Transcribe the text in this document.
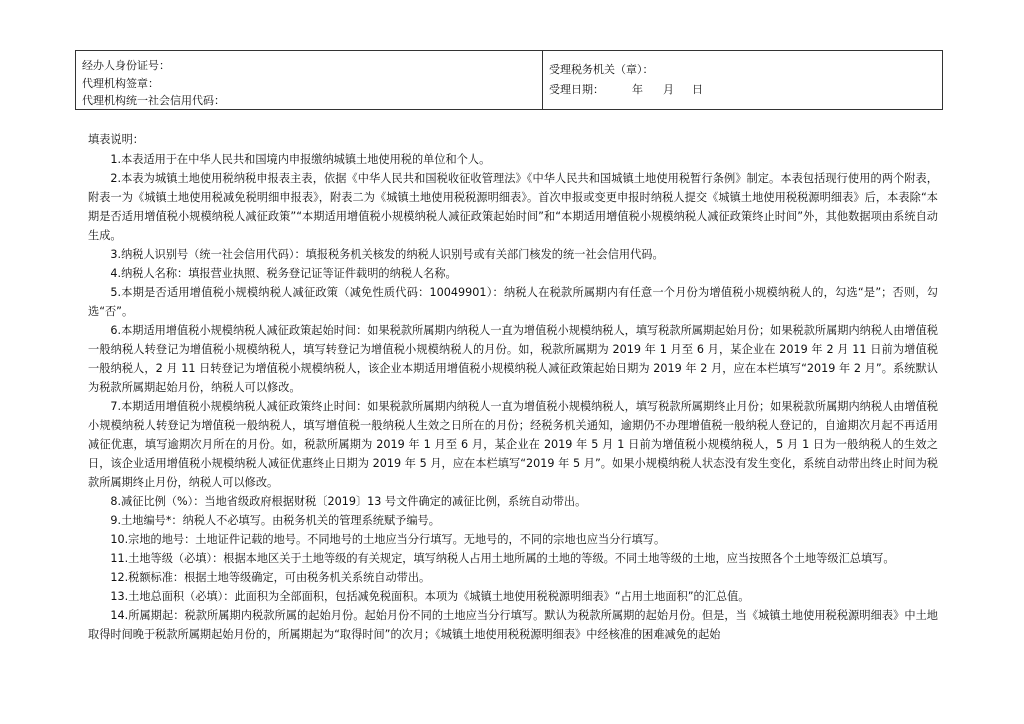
经办人身份证号：
代理机构签章：
代理机构统一社会信用代码：
受理税务机关（章）：
受理日期：	年 月 日

填表说明：

1.本表适用于在中华人民共和国境内申报缴纳城镇土地使用税的单位和个人。

2.本表为城镇土地使用税纳税申报表主表，依据《中华人民共和国税收征收管理法》《中华人民共和国城镇土地使用税暂行条例》制定。本表包括现行使用的两个附表，附表一为《城镇土地使用税减免税明细申报表》，附表二为《城镇土地使用税税源明细表》。首次申报或变更申报时纳税人提交《城镇土地使用税税源明细表》后，本表除“本期是否适用增值税小规模纳税人减征政策”“本期适用增值税小规模纳税人减征政策起始时间”和“本期适用增值税小规模纳税人减征政策终止时间”外，其他数据项由系统自动生成。

3.纳税人识别号（统一社会信用代码）：填报税务机关核发的纳税人识别号或有关部门核发的统一社会信用代码。

4.纳税人名称：填报营业执照、税务登记证等证件载明的纳税人名称。

5.本期是否适用增值税小规模纳税人减征政策（减免性质代码：10049901）：纳税人在税款所属期内有任意一个月份为增值税小规模纳税人的，勾选“是”；否则，勾选“否”。

6.本期适用增值税小规模纳税人减征政策起始时间：如果税款所属期内纳税人一直为增值税小规模纳税人，填写税款所属期起始月份；如果税款所属期内纳税人由增值税一般纳税人转登记为增值税小规模纳税人，填写转登记为增值税小规模纳税人的月份。如，税款所属期为 2019 年 1 月至 6 月，某企业在 2019 年 2 月 11 日前为增值税一般纳税人，2 月 11 日转登记为增值税小规模纳税人，该企业本期适用增值税小规模纳税人减征政策起始日期为 2019 年 2 月，应在本栏填写“2019 年 2 月”。系统默认为税款所属期起始月份，纳税人可以修改。

7.本期适用增值税小规模纳税人减征政策终止时间：如果税款所属期内纳税人一直为增值税小规模纳税人，填写税款所属期终止月份；如果税款所属期内纳税人由增值税小规模纳税人转登记为增值税一般纳税人，填写增值税一般纳税人生效之日所在的月份；经税务机关通知，逾期仍不办理增值税一般纳税人登记的，自逾期次月起不再适用减征优惠，填写逾期次月所在的月份。如，税款所属期为 2019 年 1 月至 6 月，某企业在 2019 年 5 月 1 日前为增值税小规模纳税人，5 月 1 日为一般纳税人的生效之日，该企业适用增值税小规模纳税人减征优惠终止日期为 2019 年 5 月，应在本栏填写“2019 年 5 月”。如果小规模纳税人状态没有发生变化，系统自动带出终止时间为税款所属期终止月份，纳税人可以修改。

8.减征比例（%）：当地省级政府根据财税〔2019〕13 号文件确定的减征比例，系统自动带出。

9.土地编号*：纳税人不必填写。由税务机关的管理系统赋予编号。

10.宗地的地号：土地证件记载的地号。不同地号的土地应当分行填写。无地号的，不同的宗地也应当分行填写。

11.土地等级（必填）：根据本地区关于土地等级的有关规定，填写纳税人占用土地所属的土地的等级。不同土地等级的土地，应当按照各个土地等级汇总填写。

12.税额标准：根据土地等级确定，可由税务机关系统自动带出。

13.土地总面积（必填）：此面积为全部面积，包括减免税面积。本项为《城镇土地使用税税源明细表》“占用土地面积”的汇总值。

14.所属期起：税款所属期内税款所属的起始月份。起始月份不同的土地应当分行填写。默认为税款所属期的起始月份。但是，当《城镇土地使用税税源明细表》中土地取得时间晚于税款所属期起始月份的，所属期起为“取得时间”的次月；《城镇土地使用税税源明细表》中经核准的困难减免的起始
